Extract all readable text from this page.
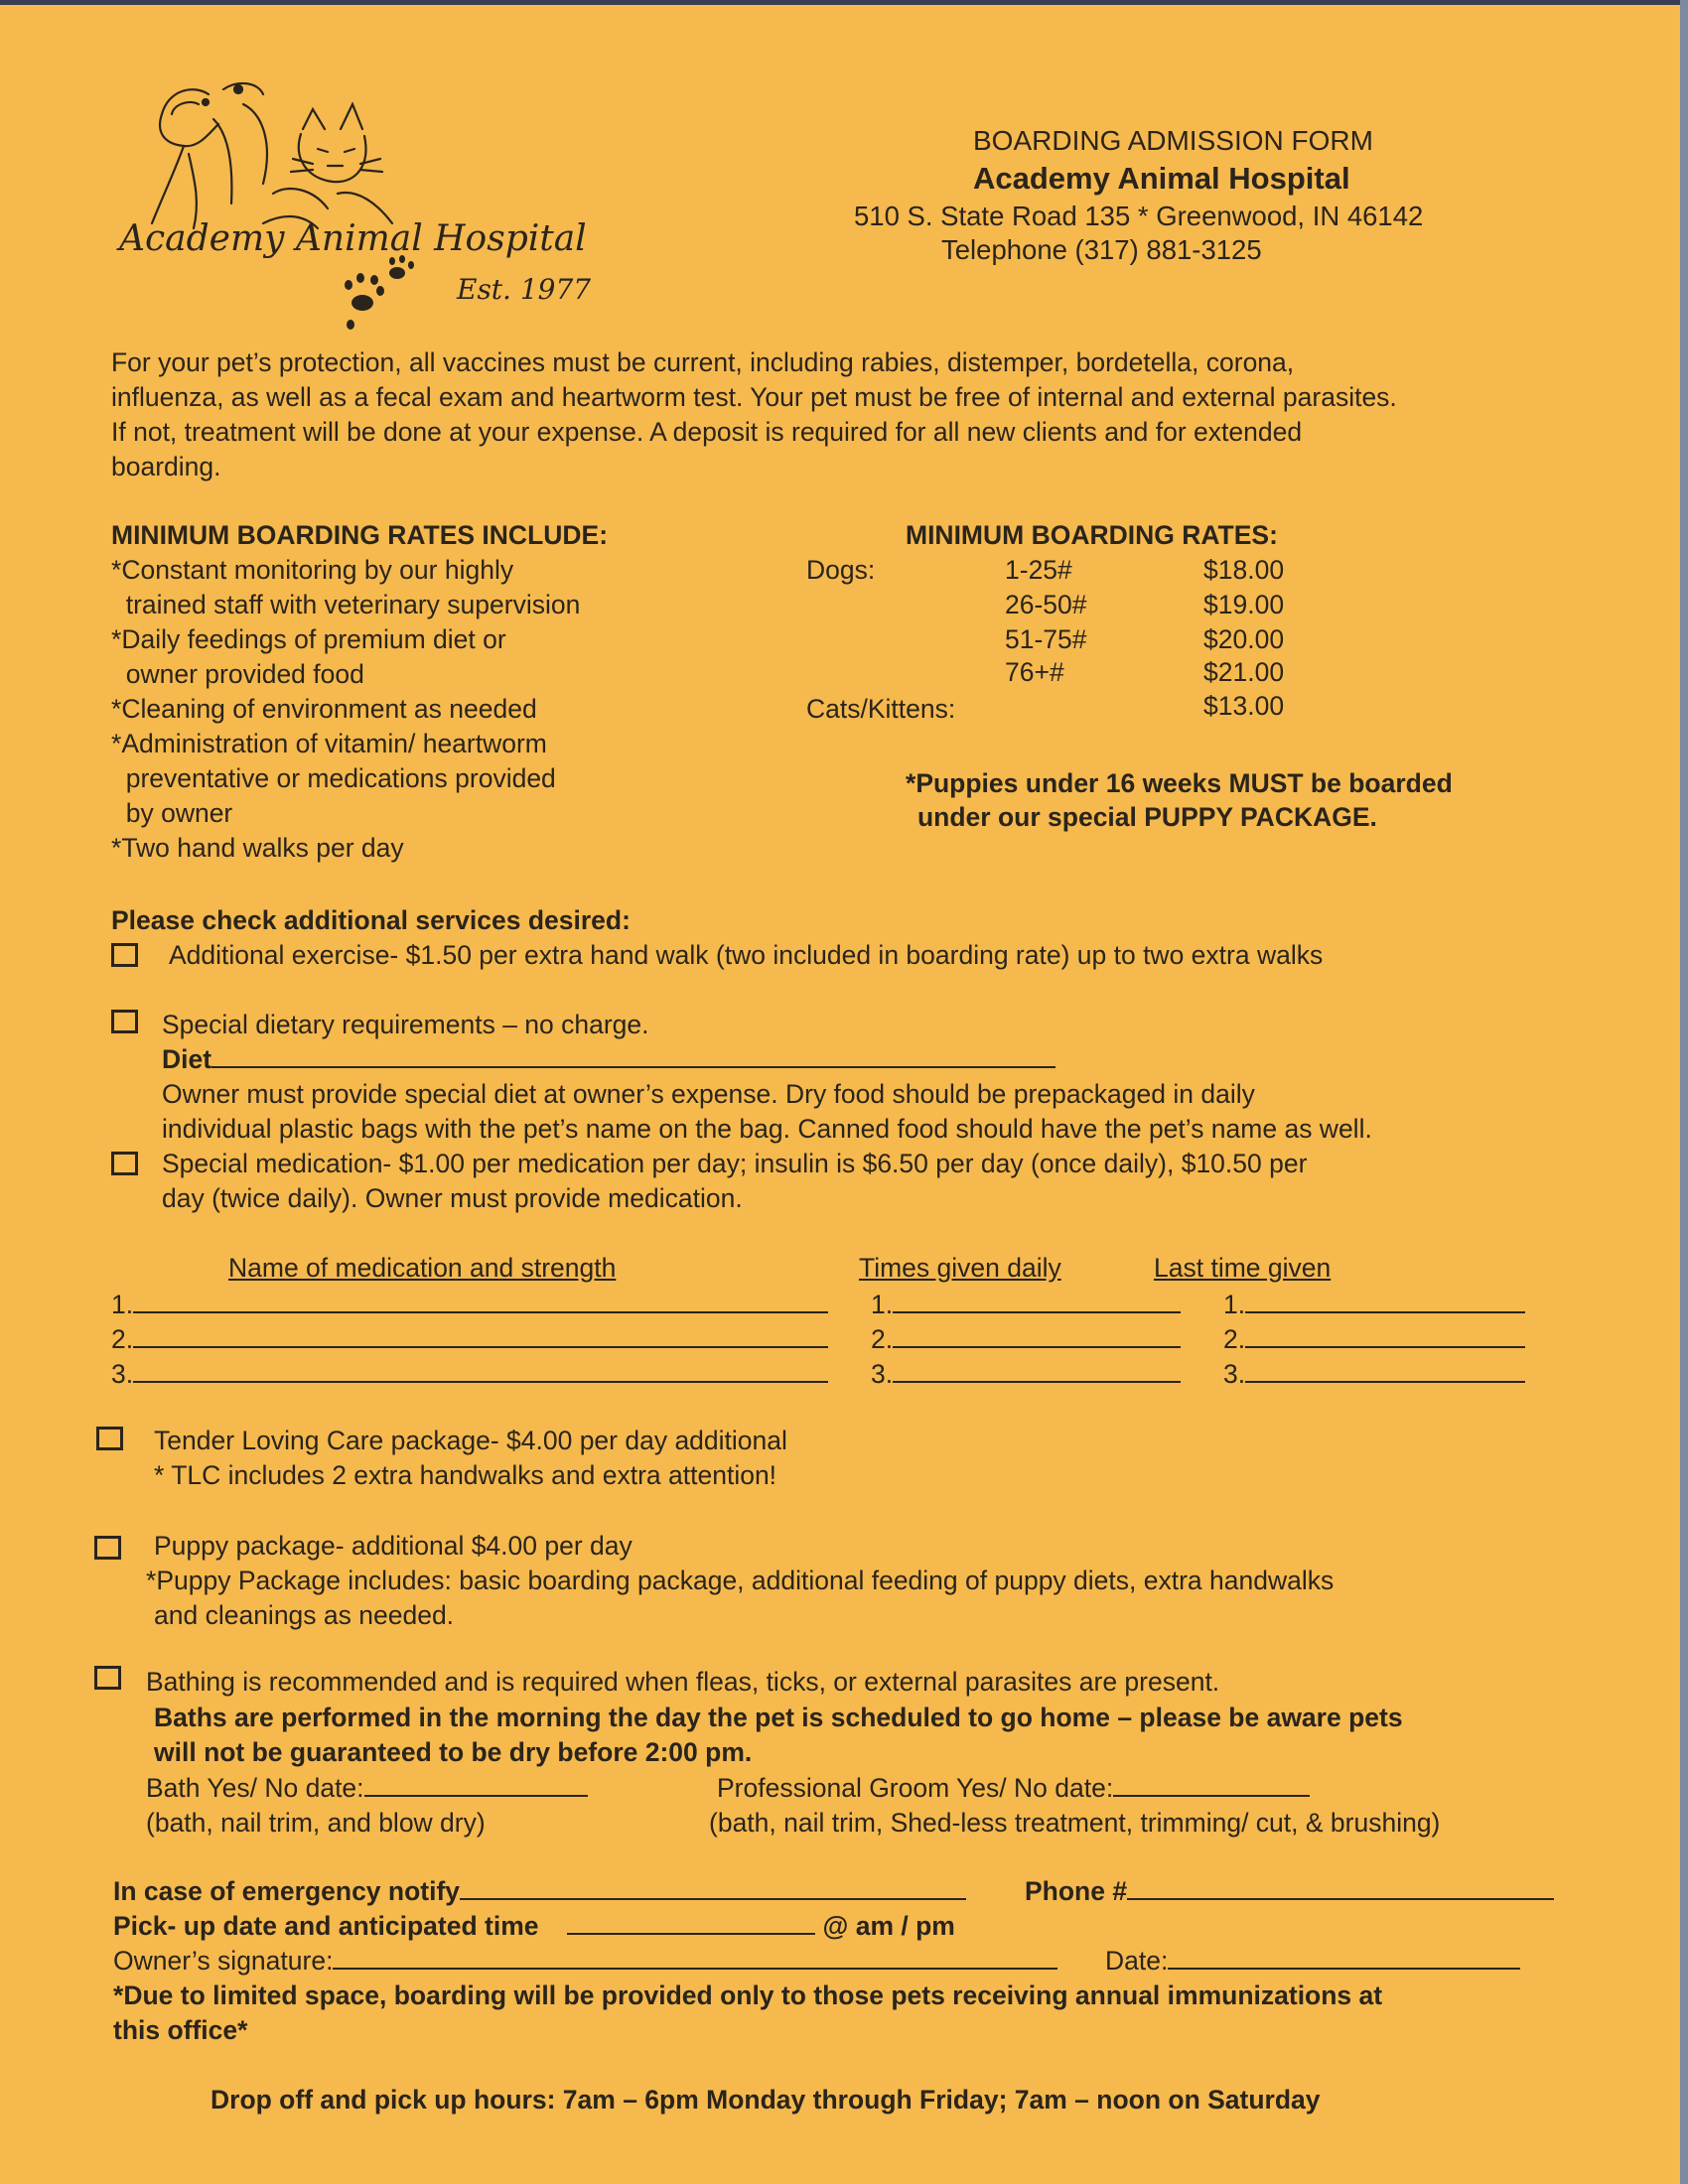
Academy Animal Hospital
Est. 1977
BOARDING ADMISSION FORM
Academy Animal Hospital
510 S. State Road 135 * Greenwood, IN 46142
Telephone (317) 881-3125
For your pet’s protection, all vaccines must be current, including rabies, distemper, bordetella, corona,
influenza, as well as a fecal exam and heartworm test. Your pet must be free of internal and external parasites.
If not, treatment will be done at your expense. A deposit is required for all new clients and for extended
boarding.
MINIMUM BOARDING RATES INCLUDE:
*Constant monitoring by our highly
trained staff with veterinary supervision
*Daily feedings of premium diet or
owner provided food
*Cleaning of environment as needed
*Administration of vitamin/ heartworm
preventative or medications provided
by owner
*Two hand walks per day
MINIMUM BOARDING RATES:
Dogs:	1-25#	$18.00
26-50#	$19.00
51-75#	$20.00
76+#	$21.00
Cats/Kittens:	$13.00
*Puppies under 16 weeks MUST be boarded
under our special PUPPY PACKAGE.
Please check additional services desired:
Additional exercise- $1.50 per extra hand walk (two included in boarding rate) up to two extra walks
Special dietary requirements – no charge.
Diet
Owner must provide special diet at owner’s expense. Dry food should be prepackaged in daily
individual plastic bags with the pet’s name on the bag. Canned food should have the pet’s name as well.
Special medication- $1.00 per medication per day; insulin is $6.50 per day (once daily), $10.50 per
day (twice daily). Owner must provide medication.
Name of medication and strength	Times given daily	Last time given
1.	1.	1.
2.	2.	2.
3.	3.	3.
Tender Loving Care package- $4.00 per day additional
* TLC includes 2 extra handwalks and extra attention!
Puppy package- additional $4.00 per day
*Puppy Package includes: basic boarding package, additional feeding of puppy diets, extra handwalks
and cleanings as needed.
Bathing is recommended and is required when fleas, ticks, or external parasites are present.
Baths are performed in the morning the day the pet is scheduled to go home – please be aware pets
will not be guaranteed to be dry before 2:00 pm.
Bath Yes/ No date:
(bath, nail trim, and blow dry)
Professional Groom Yes/ No date:
(bath, nail trim, Shed-less treatment, trimming/ cut, & brushing)
In case of emergency notify	Phone #
Pick- up date and anticipated time	@ am / pm
Owner’s signature:	Date:
*Due to limited space, boarding will be provided only to those pets receiving annual immunizations at
this office*
Drop off and pick up hours: 7am – 6pm Monday through Friday; 7am – noon on Saturday
